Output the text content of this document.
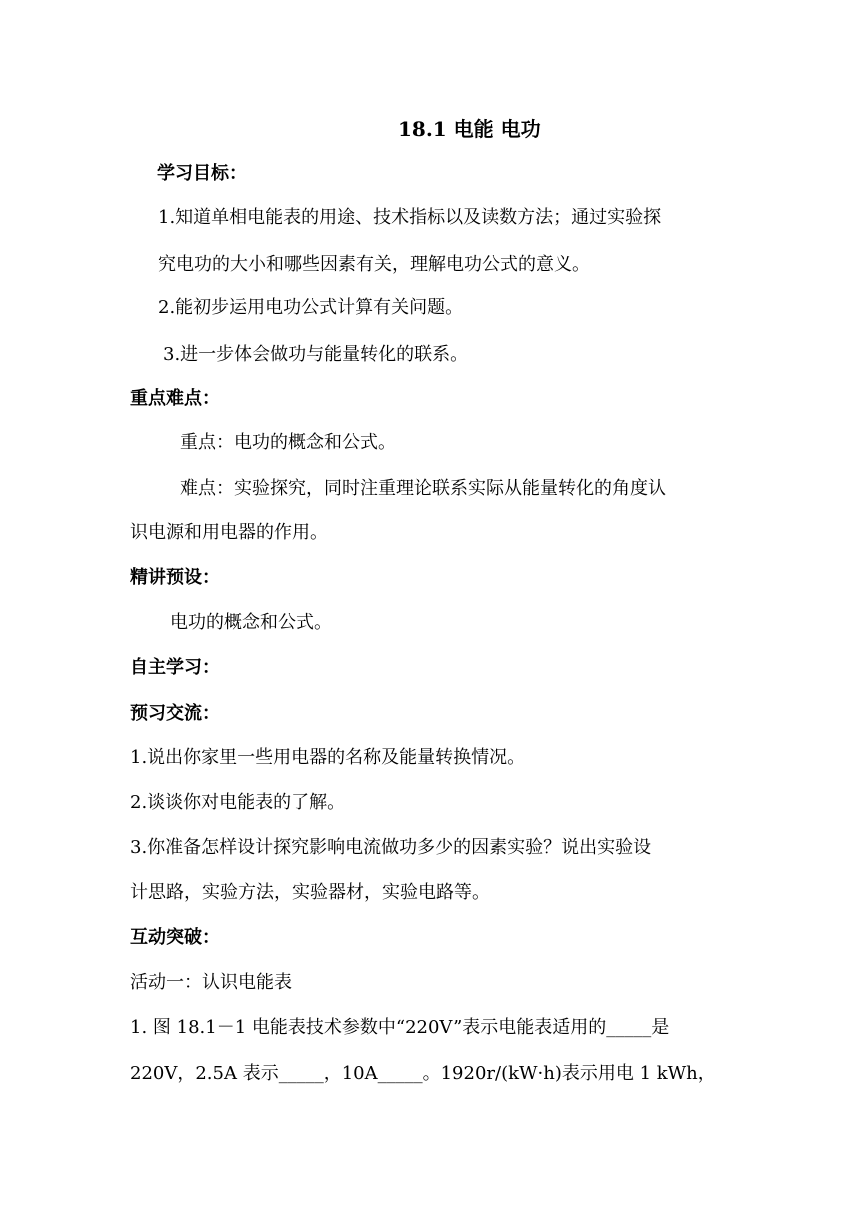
18.1 电能 电功
学习目标：
1.知道单相电能表的用途、技术指标以及读数方法；通过实验探
究电功的大小和哪些因素有关，理解电功公式的意义。
2.能初步运用电功公式计算有关问题。
3.进一步体会做功与能量转化的联系。
重点难点：
重点：电功的概念和公式。
难点：实验探究，同时注重理论联系实际从能量转化的角度认
识电源和用电器的作用。
精讲预设：
电功的概念和公式。
自主学习：
预习交流：
1.说出你家里一些用电器的名称及能量转换情况。
2.谈谈你对电能表的了解。
3.你准备怎样设计探究影响电流做功多少的因素实验？说出实验设
计思路，实验方法，实验器材，实验电路等。
互动突破：
活动一：认识电能表
1. 图 18.1－1 电能表技术参数中“220V”表示电能表适用的_____是
220V，2.5A 表示_____，10A_____。1920r/(kW·h)表示用电 1 kWh，
